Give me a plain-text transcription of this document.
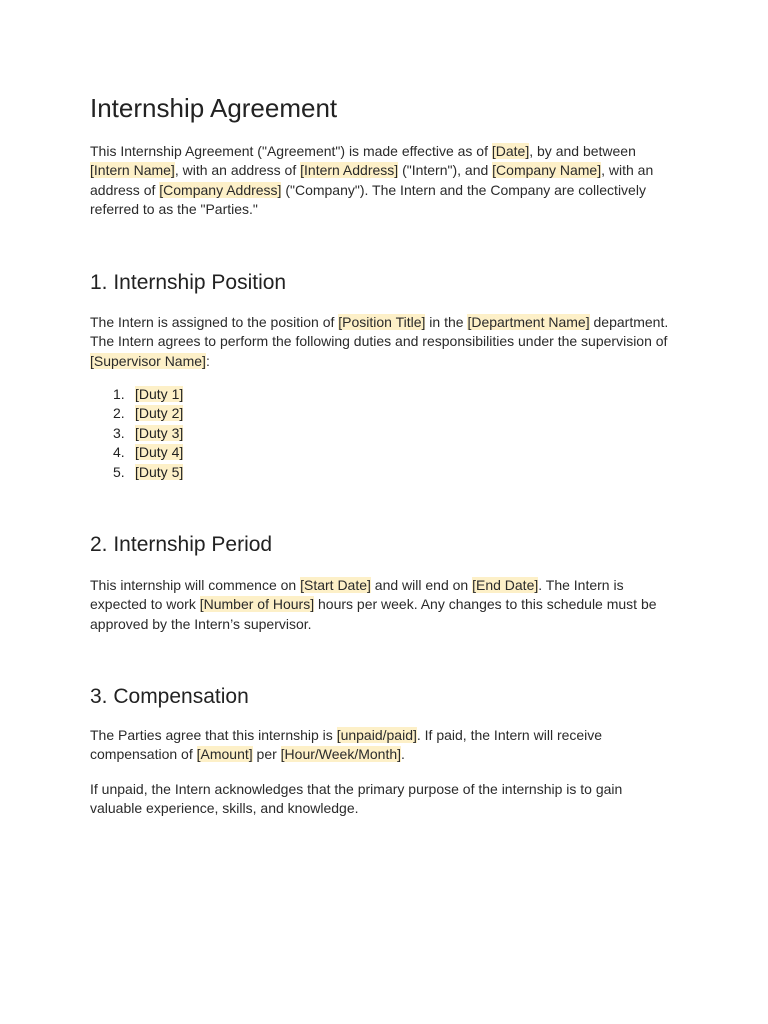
Internship Agreement

This Internship Agreement ("Agreement") is made effective as of [Date], by and between [Intern Name], with an address of [Intern Address] ("Intern"), and [Company Name], with an address of [Company Address] ("Company"). The Intern and the Company are collectively referred to as the "Parties."

1. Internship Position

The Intern is assigned to the position of [Position Title] in the [Department Name] department. The Intern agrees to perform the following duties and responsibilities under the supervision of [Supervisor Name]:

1. [Duty 1]
2. [Duty 2]
3. [Duty 3]
4. [Duty 4]
5. [Duty 5]
2. Internship Period

This internship will commence on [Start Date] and will end on [End Date]. The Intern is expected to work [Number of Hours] hours per week. Any changes to this schedule must be approved by the Intern’s supervisor.

3. Compensation

The Parties agree that this internship is [unpaid/paid]. If paid, the Intern will receive compensation of [Amount] per [Hour/Week/Month].

If unpaid, the Intern acknowledges that the primary purpose of the internship is to gain valuable experience, skills, and knowledge.
